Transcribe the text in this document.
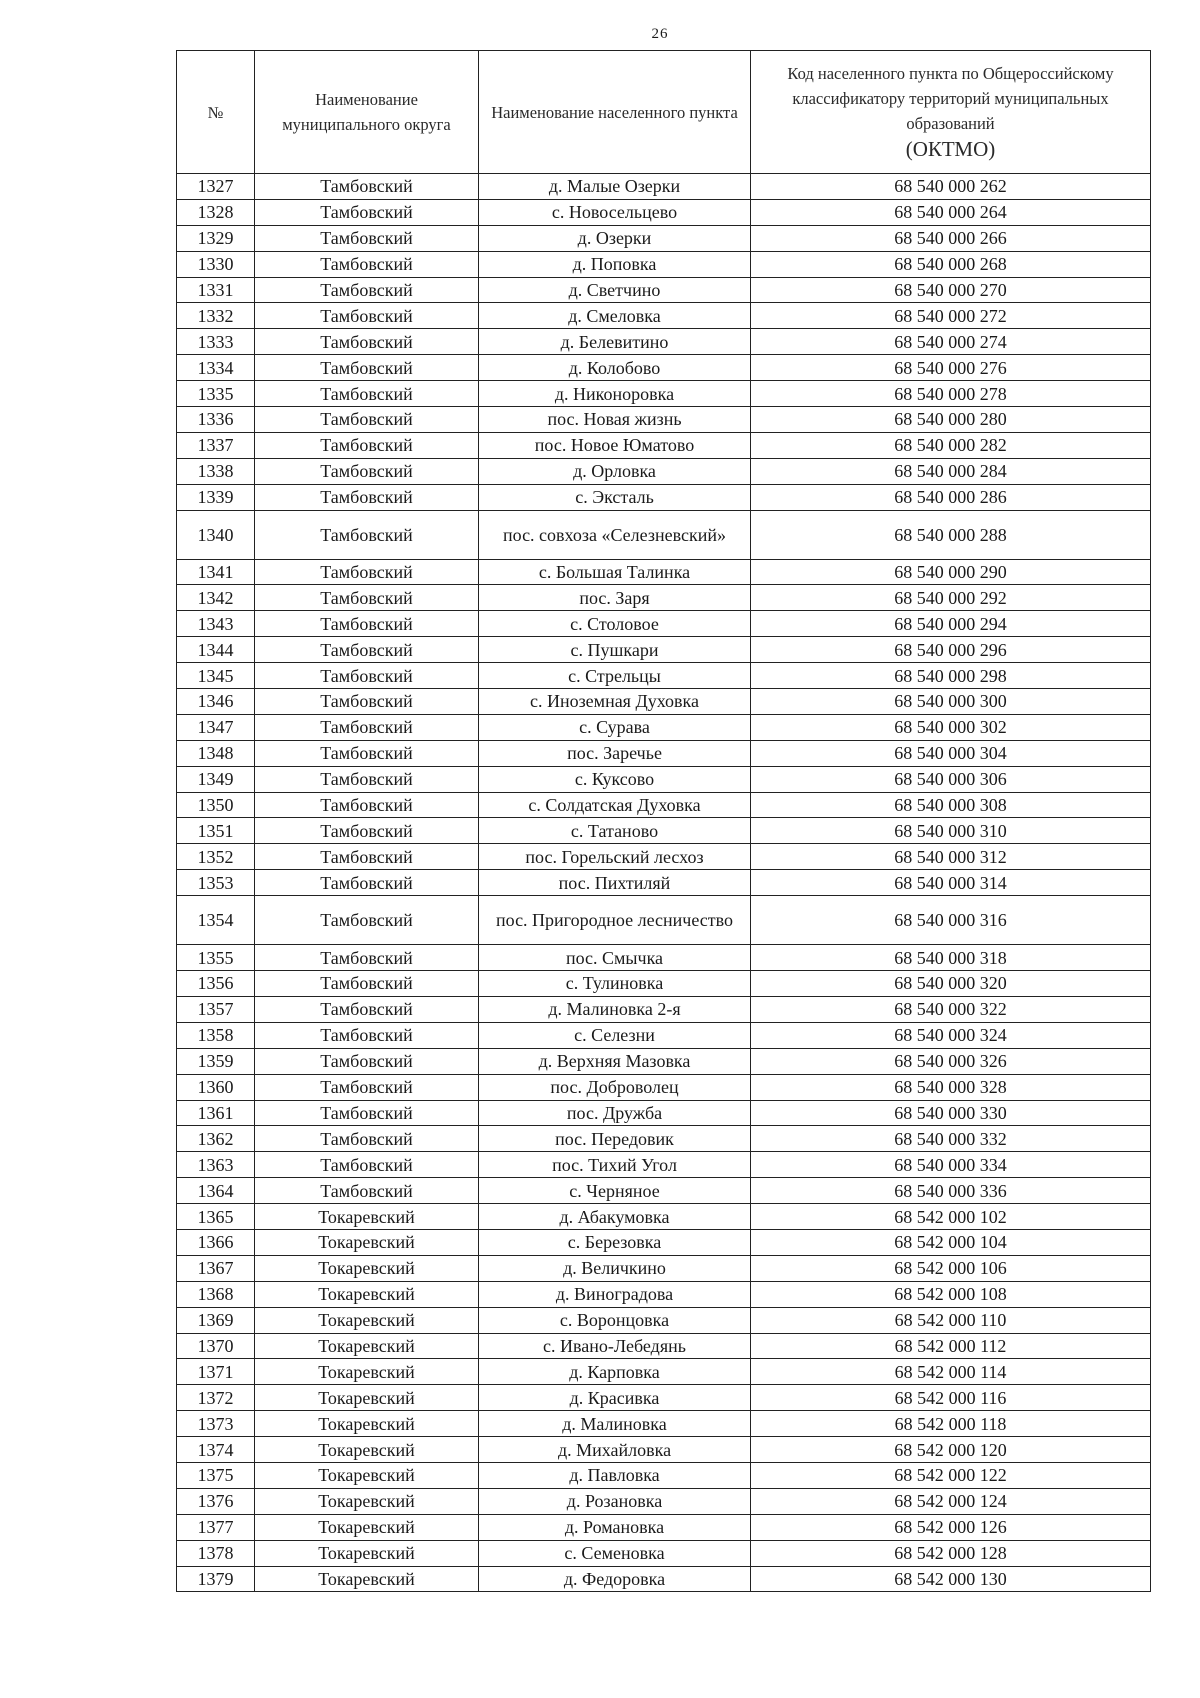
26
№	Наименование муниципального округа	Наименование населенного пункта	Код населенного пункта по Общероссийскому классификатору территорий муниципальных образований
(ОКТМО)
1327	Тамбовский	д. Малые Озерки	68 540 000 262
1328	Тамбовский	с. Новосельцево	68 540 000 264
1329	Тамбовский	д. Озерки	68 540 000 266
1330	Тамбовский	д. Поповка	68 540 000 268
1331	Тамбовский	д. Светчино	68 540 000 270
1332	Тамбовский	д. Смеловка	68 540 000 272
1333	Тамбовский	д. Белевитино	68 540 000 274
1334	Тамбовский	д. Колобово	68 540 000 276
1335	Тамбовский	д. Никоноровка	68 540 000 278
1336	Тамбовский	пос. Новая жизнь	68 540 000 280
1337	Тамбовский	пос. Новое Юматово	68 540 000 282
1338	Тамбовский	д. Орловка	68 540 000 284
1339	Тамбовский	с. Эксталь	68 540 000 286
1340	Тамбовский	пос. совхоза «Селезневский»	68 540 000 288
1341	Тамбовский	с. Большая Талинка	68 540 000 290
1342	Тамбовский	пос. Заря	68 540 000 292
1343	Тамбовский	с. Столовое	68 540 000 294
1344	Тамбовский	с. Пушкари	68 540 000 296
1345	Тамбовский	с. Стрельцы	68 540 000 298
1346	Тамбовский	с. Иноземная Духовка	68 540 000 300
1347	Тамбовский	с. Сурава	68 540 000 302
1348	Тамбовский	пос. Заречье	68 540 000 304
1349	Тамбовский	с. Куксово	68 540 000 306
1350	Тамбовский	с. Солдатская Духовка	68 540 000 308
1351	Тамбовский	с. Татаново	68 540 000 310
1352	Тамбовский	пос. Горельский лесхоз	68 540 000 312
1353	Тамбовский	пос. Пихтиляй	68 540 000 314
1354	Тамбовский	пос. Пригородное лесничество	68 540 000 316
1355	Тамбовский	пос. Смычка	68 540 000 318
1356	Тамбовский	с. Тулиновка	68 540 000 320
1357	Тамбовский	д. Малиновка 2-я	68 540 000 322
1358	Тамбовский	с. Селезни	68 540 000 324
1359	Тамбовский	д. Верхняя Мазовка	68 540 000 326
1360	Тамбовский	пос. Доброволец	68 540 000 328
1361	Тамбовский	пос. Дружба	68 540 000 330
1362	Тамбовский	пос. Передовик	68 540 000 332
1363	Тамбовский	пос. Тихий Угол	68 540 000 334
1364	Тамбовский	с. Черняное	68 540 000 336
1365	Токаревский	д. Абакумовка	68 542 000 102
1366	Токаревский	с. Березовка	68 542 000 104
1367	Токаревский	д. Величкино	68 542 000 106
1368	Токаревский	д. Виноградова	68 542 000 108
1369	Токаревский	с. Воронцовка	68 542 000 110
1370	Токаревский	с. Ивано-Лебедянь	68 542 000 112
1371	Токаревский	д. Карповка	68 542 000 114
1372	Токаревский	д. Красивка	68 542 000 116
1373	Токаревский	д. Малиновка	68 542 000 118
1374	Токаревский	д. Михайловка	68 542 000 120
1375	Токаревский	д. Павловка	68 542 000 122
1376	Токаревский	д. Розановка	68 542 000 124
1377	Токаревский	д. Романовка	68 542 000 126
1378	Токаревский	с. Семеновка	68 542 000 128
1379	Токаревский	д. Федоровка	68 542 000 130
